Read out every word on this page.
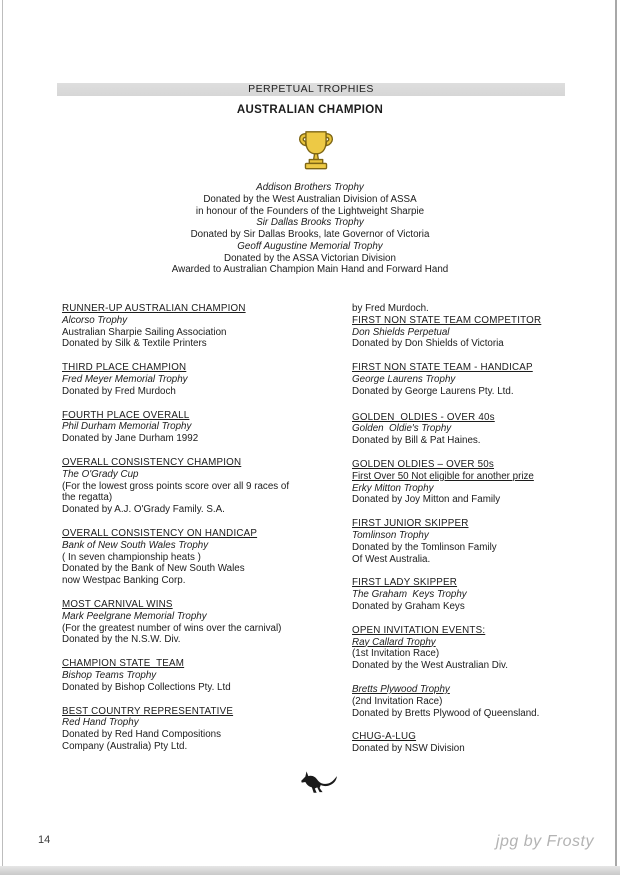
PERPETUAL TROPHIES
AUSTRALIAN CHAMPION
Addison Brothers Trophy
Donated by the West Australian Division of ASSA
in honour of the Founders of the Lightweight Sharpie
Sir Dallas Brooks Trophy
Donated by Sir Dallas Brooks, late Governor of Victoria
Geoff Augustine Memorial Trophy
Donated by the ASSA Victorian Division
Awarded to Australian Champion Main Hand and Forward Hand
RUNNER-UP AUSTRALIAN CHAMPION
Alcorso Trophy
Australian Sharpie Sailing Association
Donated by Silk & Textile Printers
THIRD PLACE CHAMPION
Fred Meyer Memorial Trophy
Donated by Fred Murdoch
FOURTH PLACE OVERALL
Phil Durham Memorial Trophy
Donated by Jane Durham 1992
OVERALL CONSISTENCY CHAMPION
The O'Grady Cup
(For the lowest gross points score over all 9 races of
the regatta)
Donated by A.J. O'Grady Family. S.A.
OVERALL CONSISTENCY ON HANDICAP
Bank of New South Wales Trophy
( In seven championship heats )
Donated by the Bank of New South Wales
now Westpac Banking Corp.
MOST CARNIVAL WINS
Mark Peelgrane Memorial Trophy
(For the greatest number of wins over the carnival)
Donated by the N.S.W. Div.
CHAMPION STATE  TEAM
Bishop Teams Trophy
Donated by Bishop Collections Pty. Ltd
BEST COUNTRY REPRESENTATIVE
Red Hand Trophy
Donated by Red Hand Compositions
Company (Australia) Pty Ltd.
by Fred Murdoch.
FIRST NON STATE TEAM COMPETITOR
Don Shields Perpetual
Donated by Don Shields of Victoria
FIRST NON STATE TEAM - HANDICAP
George Laurens Trophy
Donated by George Laurens Pty. Ltd.
GOLDEN  OLDIES - OVER 40s
Golden  Oldie's Trophy
Donated by Bill & Pat Haines.
GOLDEN OLDIES – OVER 50s
First Over 50 Not eligible for another prize
Erky Mitton Trophy
Donated by Joy Mitton and Family
FIRST JUNIOR SKIPPER
Tomlinson Trophy
Donated by the Tomlinson Family
Of West Australia.
FIRST LADY SKIPPER
The Graham  Keys Trophy
Donated by Graham Keys
OPEN INVITATION EVENTS:
Ray Callard Trophy
(1st Invitation Race)
Donated by the West Australian Div.
Bretts Plywood Trophy
(2nd Invitation Race)
Donated by Bretts Plywood of Queensland.
CHUG-A-LUG
Donated by NSW Division
14	jpg by Frosty
